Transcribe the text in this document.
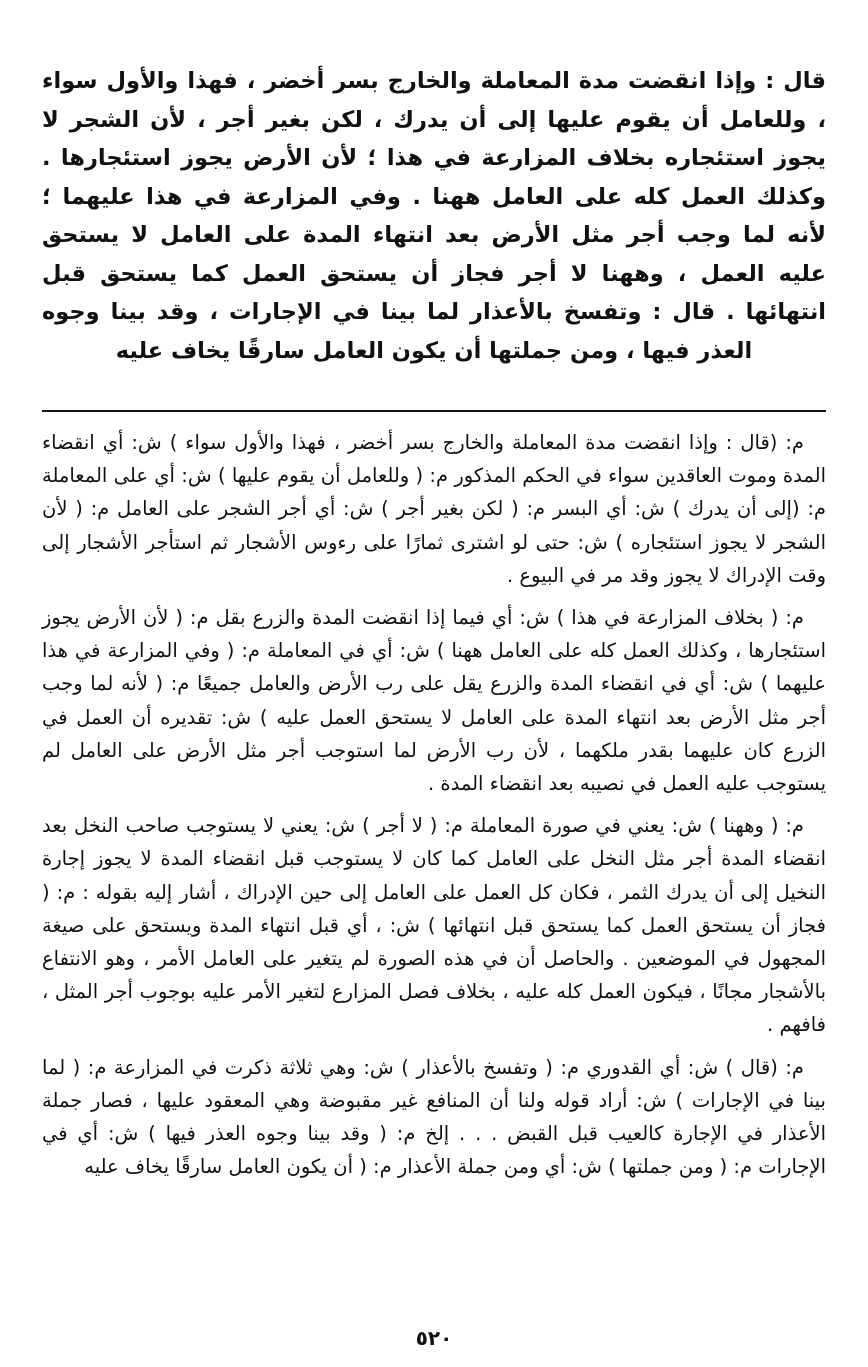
قال : وإذا انقضت مدة المعاملة والخارج بسر أخضر ، فهذا والأول سواء ، وللعامل أن يقوم عليها إلى أن يدرك ، لكن بغير أجر ، لأن الشجر لا يجوز استئجاره بخلاف المزارعة في هذا ؛ لأن الأرض يجوز استئجارها . وكذلك العمل كله على العامل ههنا . وفي المزارعة في هذا عليهما ؛ لأنه لما وجب أجر مثل الأرض بعد انتهاء المدة على العامل لا يستحق عليه العمل ، وههنا لا أجر فجاز أن يستحق العمل كما يستحق قبل انتهائها . قال : وتفسخ بالأعذار لما بينا في الإجارات ، وقد بينا وجوه العذر فيها ، ومن جملتها أن يكون العامل سارقًا يخاف عليه

م: (قال : وإذا انقضت مدة المعاملة والخارج بسر أخضر ، فهذا والأول سواء ) ش: أي انقضاء المدة وموت العاقدين سواء في الحكم المذكور م: ( وللعامل أن يقوم عليها ) ش: أي على المعاملة م: (إلى أن يدرك ) ش: أي البسر م: ( لكن بغير أجر ) ش: أي أجر الشجر على العامل م: ( لأن الشجر لا يجوز استئجاره ) ش: حتى لو اشترى ثمارًا على رءوس الأشجار ثم استأجر الأشجار إلى وقت الإدراك لا يجوز وقد مر في البيوع .

م: ( بخلاف المزارعة في هذا ) ش: أي فيما إذا انقضت المدة والزرع بقل م: ( لأن الأرض يجوز استئجارها ، وكذلك العمل كله على العامل ههنا ) ش: أي في المعاملة م: ( وفي المزارعة في هذا عليهما ) ش: أي في انقضاء المدة والزرع يقل على رب الأرض والعامل جميعًا م: ( لأنه لما وجب أجر مثل الأرض بعد انتهاء المدة على العامل لا يستحق العمل عليه ) ش: تقديره أن العمل في الزرع كان عليهما بقدر ملكهما ، لأن رب الأرض لما استوجب أجر مثل الأرض على العامل لم يستوجب عليه العمل في نصيبه بعد انقضاء المدة .

م: ( وههنا ) ش: يعني في صورة المعاملة م: ( لا أجر ) ش: يعني لا يستوجب صاحب النخل بعد انقضاء المدة أجر مثل النخل على العامل كما كان لا يستوجب قبل انقضاء المدة لا يجوز إجارة النخيل إلى أن يدرك الثمر ، فكان كل العمل على العامل إلى حين الإدراك ، أشار إليه بقوله : م: ( فجاز أن يستحق العمل كما يستحق قبل انتهائها ) ش: ، أي قبل انتهاء المدة ويستحق على صيغة المجهول في الموضعين . والحاصل أن في هذه الصورة لم يتغير على العامل الأمر ، وهو الانتفاع بالأشجار مجانًا ، فيكون العمل كله عليه ، بخلاف فصل المزارع لتغير الأمر عليه بوجوب أجر المثل ، فافهم .

م: (قال ) ش: أي القدوري م: ( وتفسخ بالأعذار ) ش: وهي ثلاثة ذكرت في المزارعة م: ( لما بينا في الإجارات ) ش: أراد قوله ولنا أن المنافع غير مقبوضة وهي المعقود عليها ، فصار جملة الأعذار في الإجارة كالعيب قبل القبض . . . إلخ م: ( وقد بينا وجوه العذر فيها ) ش: أي في الإجارات م: ( ومن جملتها ) ش: أي ومن جملة الأعذار م: ( أن يكون العامل سارقًا يخاف عليه

٥٢٠
